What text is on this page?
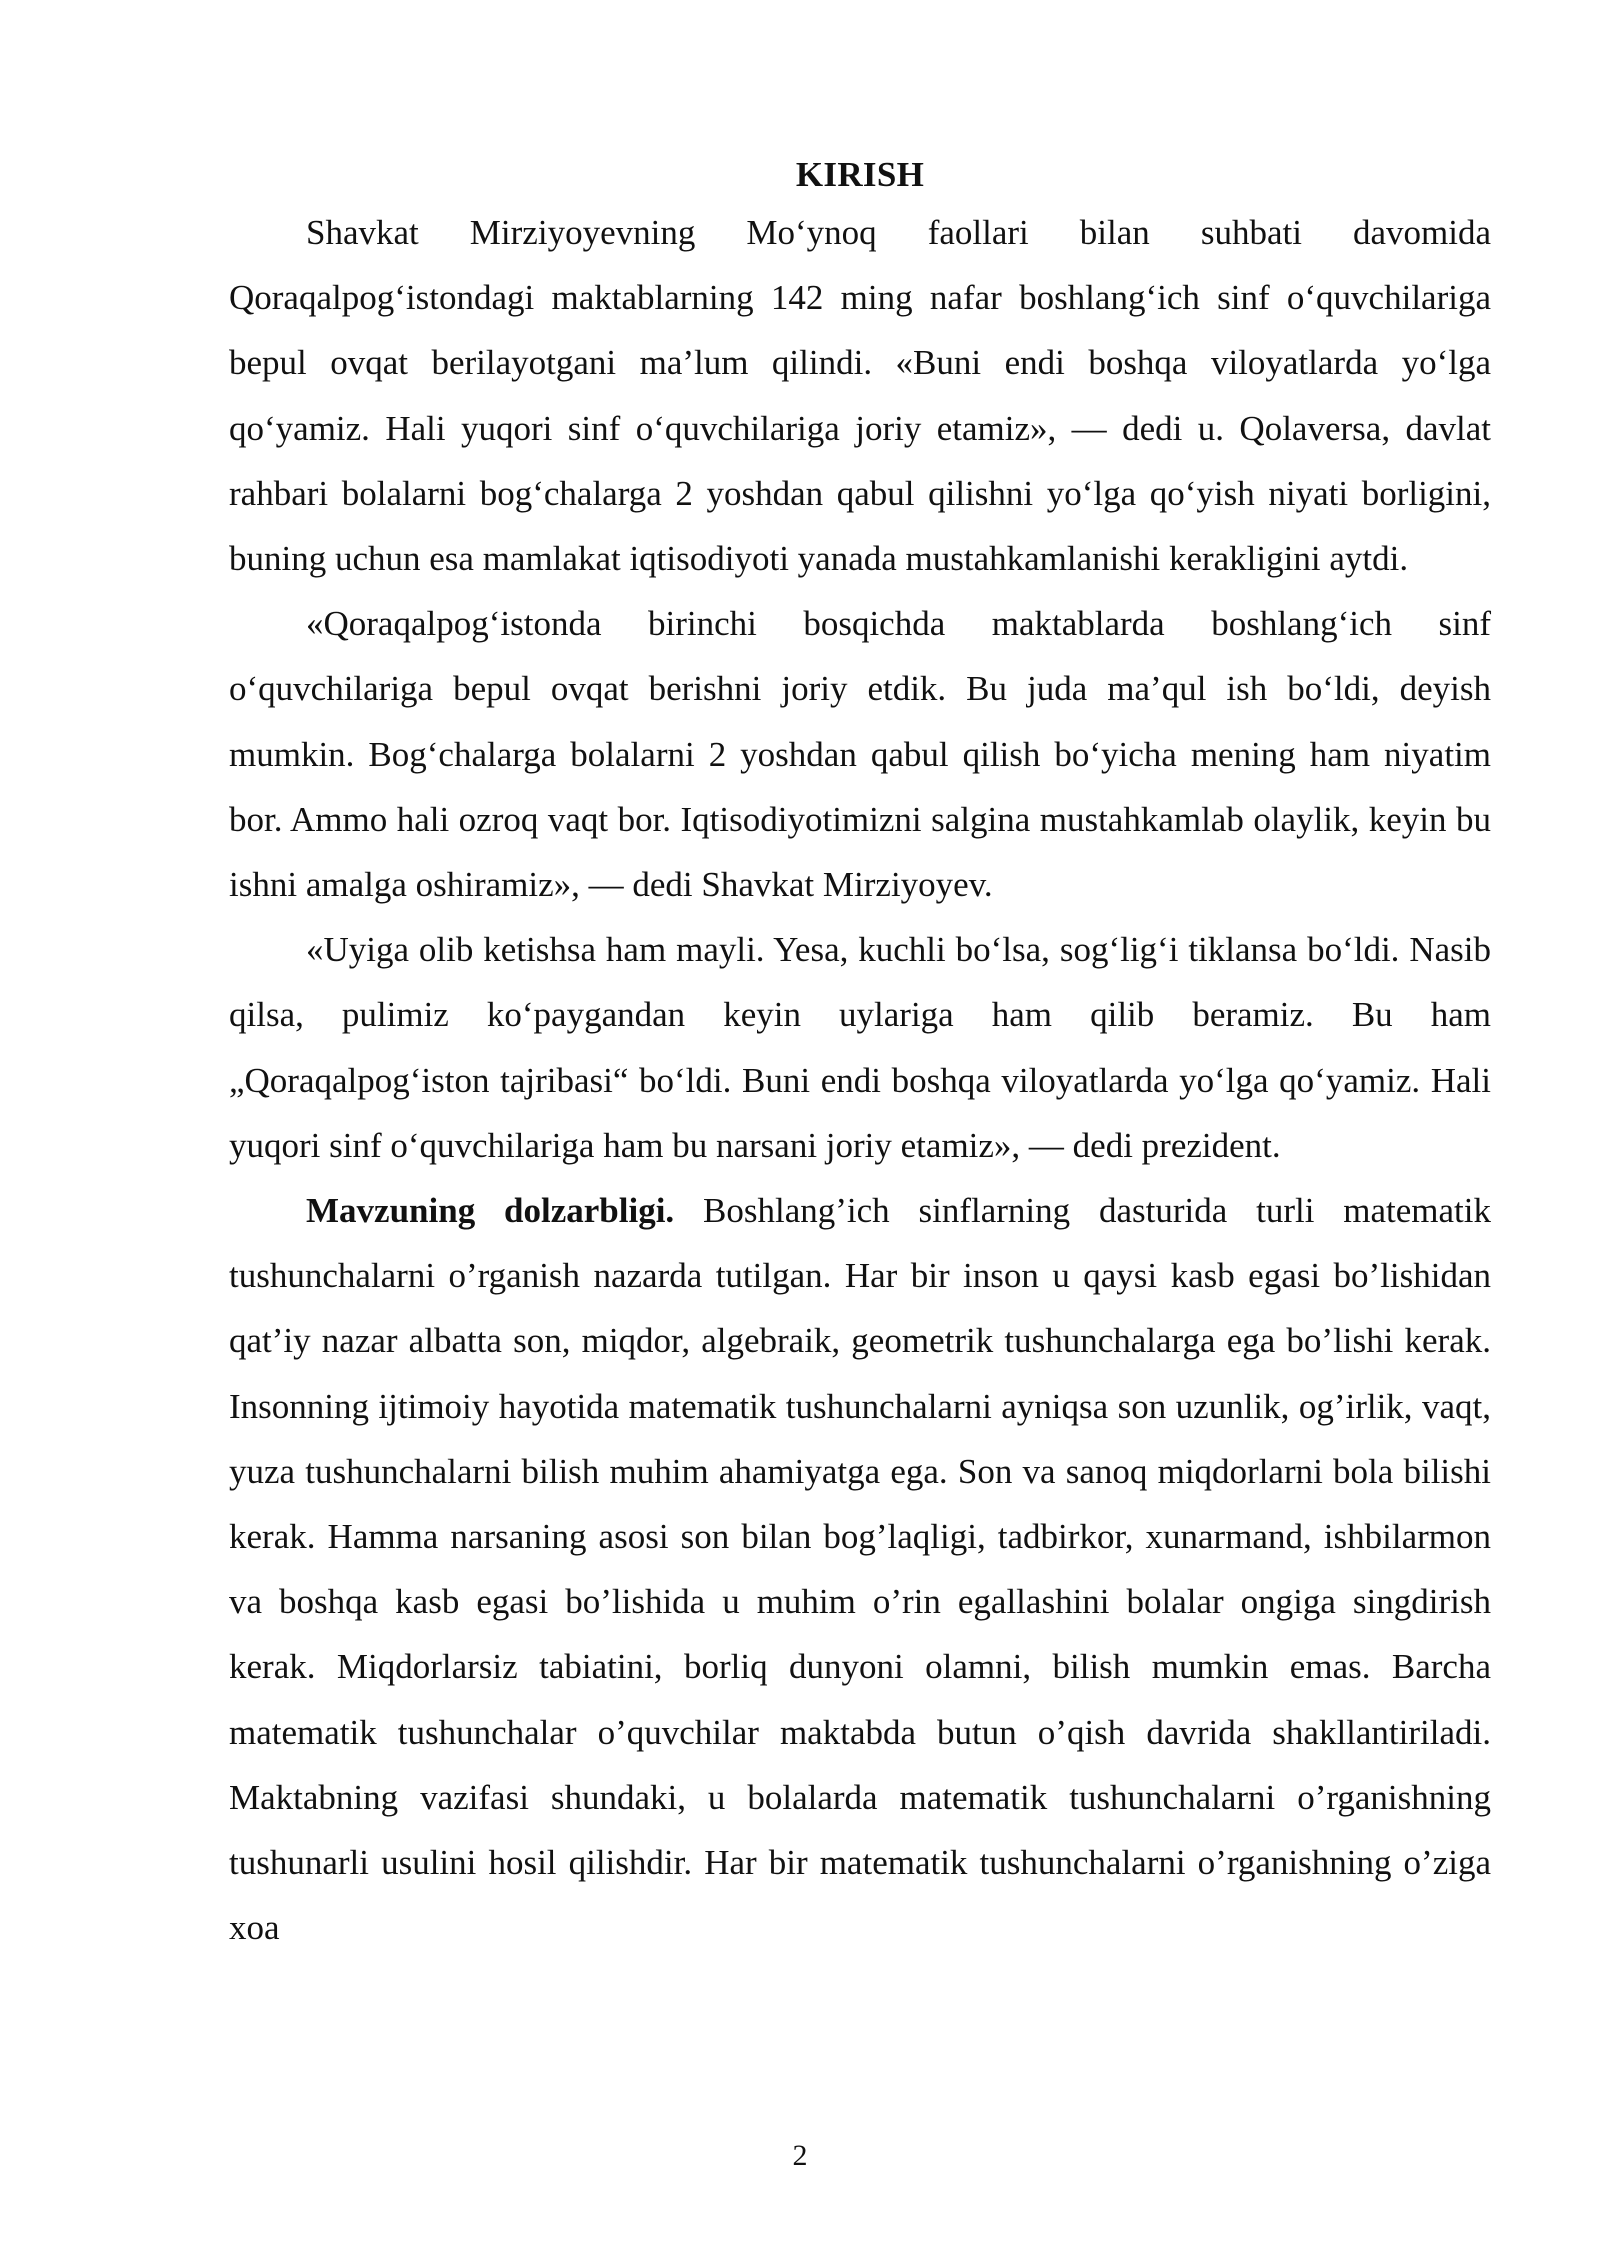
KIRISH

Shavkat Mirziyoyevning Mo‘ynoq faollari bilan suhbati davomida Qoraqalpog‘istondagi maktablarning 142 ming nafar boshlang‘ich sinf o‘quvchilariga bepul ovqat berilayotgani ma’lum qilindi. «Buni endi boshqa viloyatlarda yo‘lga qo‘yamiz. Hali yuqori sinf o‘quvchilariga joriy etamiz», — dedi u. Qolaversa, davlat rahbari bolalarni bog‘chalarga 2 yoshdan qabul qilishni yo‘lga qo‘yish niyati borligini, buning uchun esa mamlakat iqtisodiyoti yanada mustahkamlanishi kerakligini aytdi.

«Qoraqalpog‘istonda birinchi bosqichda maktablarda boshlang‘ich sinf o‘quvchilariga bepul ovqat berishni joriy etdik. Bu juda ma’qul ish bo‘ldi, deyish mumkin. Bog‘chalarga bolalarni 2 yoshdan qabul qilish bo‘yicha mening ham niyatim bor. Ammo hali ozroq vaqt bor. Iqtisodiyotimizni salgina mustahkamlab olaylik, keyin bu ishni amalga oshiramiz», — dedi Shavkat Mirziyoyev.

«Uyiga olib ketishsa ham mayli. Yesa, kuchli bo‘lsa, sog‘lig‘i tiklansa bo‘ldi. Nasib qilsa, pulimiz ko‘paygandan keyin uylariga ham qilib beramiz. Bu ham „Qoraqalpog‘iston tajribasi“ bo‘ldi. Buni endi boshqa viloyatlarda yo‘lga qo‘yamiz. Hali yuqori sinf o‘quvchilariga ham bu narsani joriy etamiz», — dedi prezident.

Mavzuning dolzarbligi. Boshlang’ich sinflarning dasturida turli matematik tushunchalarni o’rganish nazarda tutilgan. Har bir inson u qaysi kasb egasi bo’lishidan qat’iy nazar albatta son, miqdor, algebraik, geometrik tushunchalarga ega bo’lishi kerak. Insonning ijtimoiy hayotida matematik tushunchalarni ayniqsa son uzunlik, og’irlik, vaqt, yuza tushunchalarni bilish muhim ahamiyatga ega. Son va sanoq miqdorlarni bola bilishi kerak. Hamma narsaning asosi son bilan bog’laqligi, tadbirkor, xunarmand, ishbilarmon va boshqa kasb egasi bo’lishida u muhim o’rin egallashini bolalar ongiga singdirish kerak. Miqdorlarsiz tabiatini, borliq dunyoni olamni, bilish mumkin emas. Barcha matematik tushunchalar o’quvchilar maktabda butun o’qish davrida shakllantiriladi. Maktabning vazifasi shundaki, u bolalarda matematik tushunchalarni o’rganishning tushunarli usulini hosil qilishdir. Har bir matematik tushunchalarni o’rganishning o’ziga xoa

2
